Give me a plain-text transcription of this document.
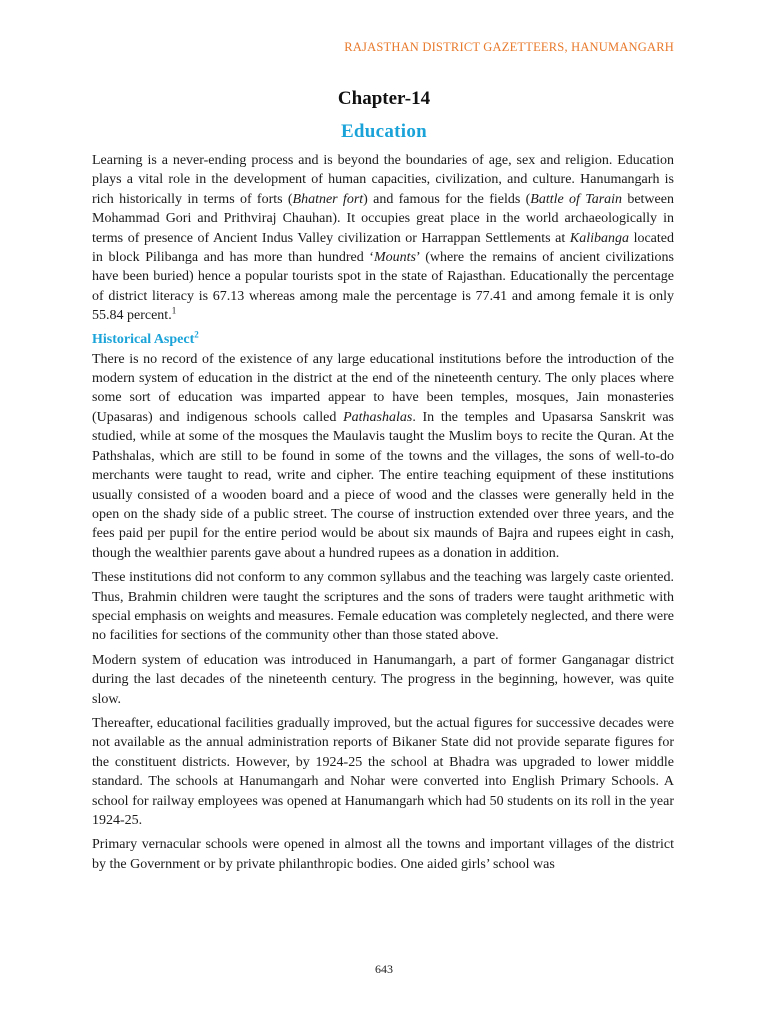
RAJASTHAN DISTRICT GAZETTEERS, HANUMANGARH
Chapter-14
Education

Learning is a never-ending process and is beyond the boundaries of age, sex and religion. Education plays a vital role in the development of human capacities, civilization, and culture. Hanumangarh is rich historically in terms of forts (Bhatner fort) and famous for the fields (Battle of Tarain between Mohammad Gori and Prithviraj Chauhan). It occupies great place in the world archaeologically in terms of presence of Ancient Indus Valley civilization or Harrappan Settlements at Kalibanga located in block Pilibanga and has more than hundred ‘Mounts’ (where the remains of ancient civilizations have been buried) hence a popular tourists spot in the state of Rajasthan. Educationally the percentage of district literacy is 67.13 whereas among male the percentage is 77.41 and among female it is only 55.84 percent.$^1$

Historical Aspect$^2$

There is no record of the existence of any large educational institutions before the introduction of the modern system of education in the district at the end of the nineteenth century. The only places where some sort of education was imparted appear to have been temples, mosques, Jain monasteries (Upasaras) and indigenous schools called Pathashalas. In the temples and Upasarsa Sanskrit was studied, while at some of the mosques the Maulavis taught the Muslim boys to recite the Quran. At the Pathshalas, which are still to be found in some of the towns and the villages, the sons of well-to-do merchants were taught to read, write and cipher. The entire teaching equipment of these institutions usually consisted of a wooden board and a piece of wood and the classes were generally held in the open on the shady side of a public street. The course of instruction extended over three years, and the fees paid per pupil for the entire period would be about six maunds of Bajra and rupees eight in cash, though the wealthier parents gave about a hundred rupees as a donation in addition.

These institutions did not conform to any common syllabus and the teaching was largely caste oriented. Thus, Brahmin children were taught the scriptures and the sons of traders were taught arithmetic with special emphasis on weights and measures. Female education was completely neglected, and there were no facilities for sections of the community other than those stated above.

Modern system of education was introduced in Hanumangarh, a part of former Ganganagar district during the last decades of the nineteenth century. The progress in the beginning, however, was quite slow.

Thereafter, educational facilities gradually improved, but the actual figures for successive decades were not available as the annual administration reports of Bikaner State did not provide separate figures for the constituent districts. However, by 1924-25 the school at Bhadra was upgraded to lower middle standard. The schools at Hanumangarh and Nohar were converted into English Primary Schools. A school for railway employees was opened at Hanumangarh which had 50 students on its roll in the year 1924-25.

Primary vernacular schools were opened in almost all the towns and important villages of the district by the Government or by private philanthropic bodies. One aided girls’ school was

643
